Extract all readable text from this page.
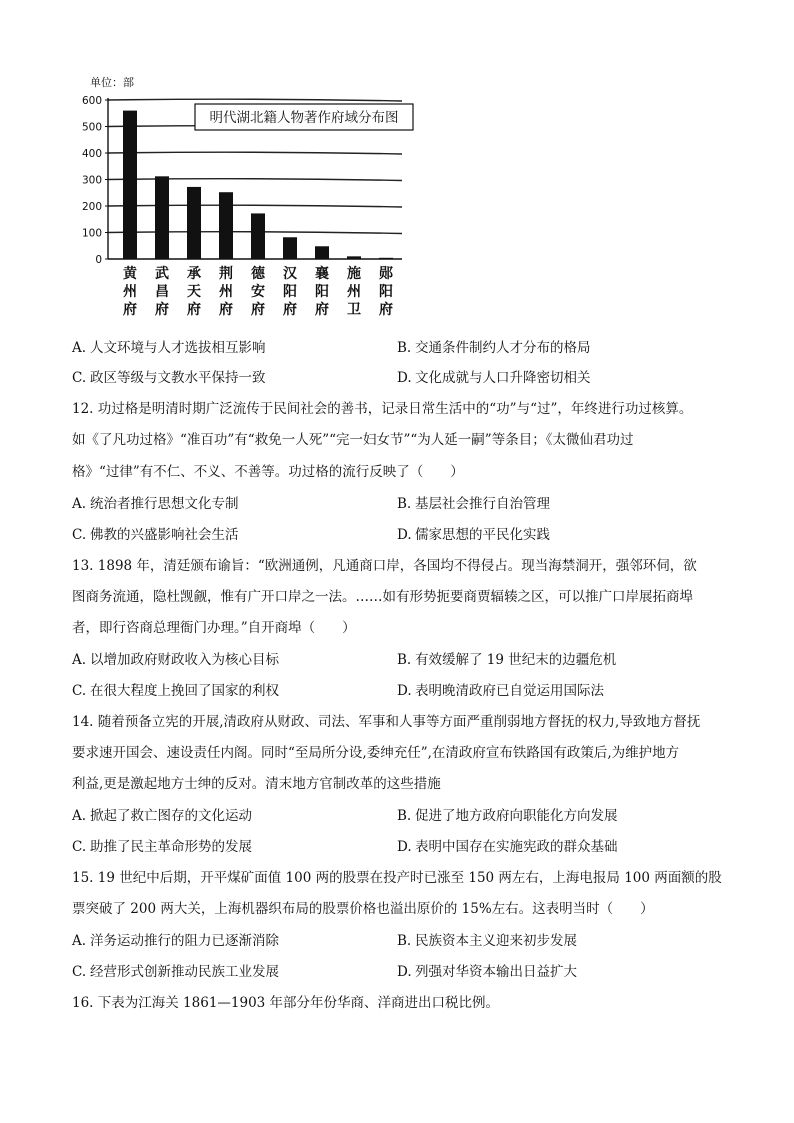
单位：部
0
100
200
300
400
500
600
黄
州
府
武
昌
府
承
天
府
荆
州
府
德
安
府
汉
阳
府
襄
阳
府
施
州
卫
郧
阳
府
明代湖北籍人物著作府域分布图
A. 人文环境与人才选拔相互影响	B. 交通条件制约人才分布的格局
C. 政区等级与文教水平保持一致	D. 文化成就与人口升降密切相关
12. 功过格是明清时期广泛流传于民间社会的善书，记录日常生活中的“功”与“过”，年终进行功过核算。
如《了凡功过格》“准百功”有“救免一人死”“完一妇女节”“为人延一嗣”等条目；《太微仙君功过
格》“过律”有不仁、不义、不善等。功过格的流行反映了（　　）
A. 统治者推行思想文化专制	B. 基层社会推行自治管理
C. 佛教的兴盛影响社会生活	D. 儒家思想的平民化实践
13. 1898 年，清廷颁布谕旨：“欧洲通例，凡通商口岸，各国均不得侵占。现当海禁洞开，强邻环伺，欲
图商务流通，隐杜觊觎，惟有广开口岸之一法。……如有形势扼要商贾辐辏之区，可以推广口岸展拓商埠
者，即行咨商总理衙门办理。”自开商埠（　　）
A. 以增加政府财政收入为核心目标	B. 有效缓解了 19 世纪末的边疆危机
C. 在很大程度上挽回了国家的利权	D. 表明晚清政府已自觉运用国际法
14. 随着预备立宪的开展,清政府从财政、司法、军事和人事等方面严重削弱地方督抚的权力,导致地方督抚
要求速开国会、速设责任内阁。同时“至局所分设,委绅充任”,在清政府宣布铁路国有政策后,为维护地方
利益,更是激起地方士绅的反对。清末地方官制改革的这些措施
A. 掀起了救亡图存的文化运动	B. 促进了地方政府向职能化方向发展
C. 助推了民主革命形势的发展	D. 表明中国存在实施宪政的群众基础
15. 19 世纪中后期，开平煤矿面值 100 两的股票在投产时已涨至 150 两左右，上海电报局 100 两面额的股
票突破了 200 两大关，上海机器织布局的股票价格也溢出原价的 15%左右。这表明当时（　　）
A. 洋务运动推行的阻力已逐渐消除	B. 民族资本主义迎来初步发展
C. 经营形式创新推动民族工业发展	D. 列强对华资本输出日益扩大
16. 下表为江海关 1861—1903 年部分年份华商、洋商进出口税比例。
